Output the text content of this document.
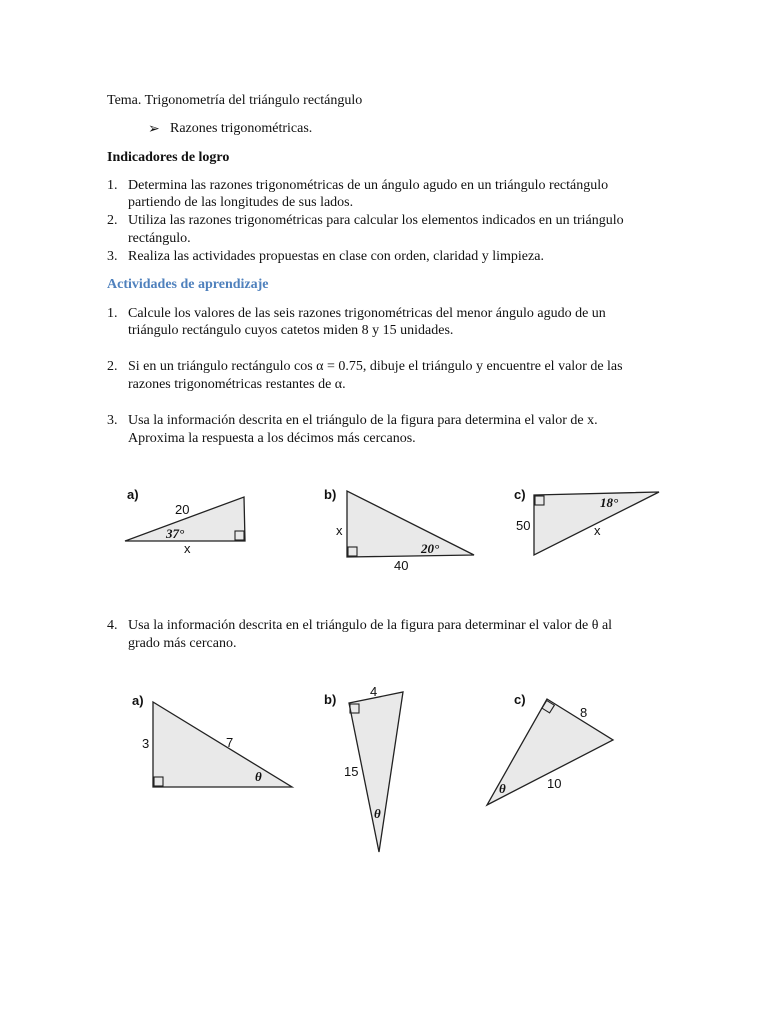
Tema. Trigonometría del triángulo rectángulo
➢ Razones trigonométricas.
Indicadores de logro
1. Determina las razones trigonométricas de un ángulo agudo en un triángulo rectángulo
partiendo de las longitudes de sus lados.
2. Utiliza las razones trigonométricas para calcular los elementos indicados en un triángulo
rectángulo.
3. Realiza las actividades propuestas en clase con orden, claridad y limpieza.
Actividades de aprendizaje
1. Calcule los valores de las seis razones trigonométricas del menor ángulo agudo de un
triángulo rectángulo cuyos catetos miden 8 y 15 unidades.
2. Si en un triángulo rectángulo cos α = 0.75, dibuje el triángulo y encuentre el valor de las
razones trigonométricas restantes de α.
3. Usa la información descrita en el triángulo de la figura para determina el valor de x.
Aproxima la respuesta a los décimos más cercanos.
4. Usa la información descrita en el triángulo de la figura para determinar el valor de θ al
grado más cercano.
a)
20
37°
x
b)
x
20°
40
c)
18°
50	x
a)
3	7
θ
b)
4
15
θ
c)
8
10
θ
